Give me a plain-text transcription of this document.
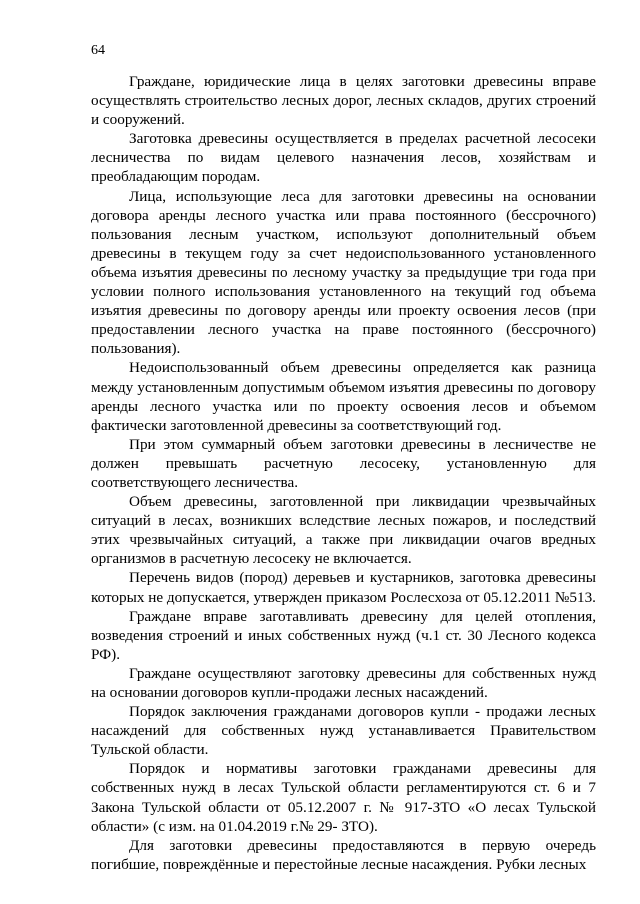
64

Граждане, юридические лица в целях заготовки древесины вправе осуществлять строительство лесных дорог, лесных складов, других строений и сооружений.

Заготовка древесины осуществляется в пределах расчетной лесосеки лесничества по видам целевого назначения лесов, хозяйствам и преобладающим породам.

Лица, использующие леса для заготовки древесины на основании договора аренды лесного участка или права постоянного (бессрочного) пользования лесным участком, используют дополнительный объем древесины в текущем году за счет недоиспользованного установленного объема изъятия древесины по лесному участку за предыдущие три года при условии полного использования установленного на текущий год объема изъятия древесины по договору аренды или проекту освоения лесов (при предоставлении лесного участка на праве постоянного (бессрочного) пользования).

Недоиспользованный объем древесины определяется как разница между установленным допустимым объемом изъятия древесины по договору аренды лесного участка или по проекту освоения лесов и объемом фактически заготовленной древесины за соответствующий год.

При этом суммарный объем заготовки древесины в лесничестве не должен превышать расчетную лесосеку, установленную для соответствующего лесничества.

Объем древесины, заготовленной при ликвидации чрезвычайных ситуаций в лесах, возникших вследствие лесных пожаров, и последствий этих чрезвычайных ситуаций, а также при ликвидации очагов вредных организмов в расчетную лесосеку не включается.

Перечень видов (пород) деревьев и кустарников, заготовка древесины которых не допускается, утвержден приказом Рослесхоза от 05.12.2011 №513.

Граждане вправе заготавливать древесину для целей отопления, возведения строений и иных собственных нужд (ч.1 ст. 30 Лесного кодекса РФ).

Граждане осуществляют заготовку древесины для собственных нужд на основании договоров купли-продажи лесных насаждений.

Порядок заключения гражданами договоров купли - продажи лесных насаждений для собственных нужд устанавливается Правительством Тульской области.

Порядок и нормативы заготовки гражданами древесины для собственных нужд в лесах Тульской области регламентируются ст. 6 и 7 Закона Тульской области от 05.12.2007 г. № 917-ЗТО «О лесах Тульской области» (с изм. на 01.04.2019 г.№ 29- ЗТО).

Для заготовки древесины предоставляются в первую очередь погибшие, повреждённые и перестойные лесные насаждения. Рубки лесных
